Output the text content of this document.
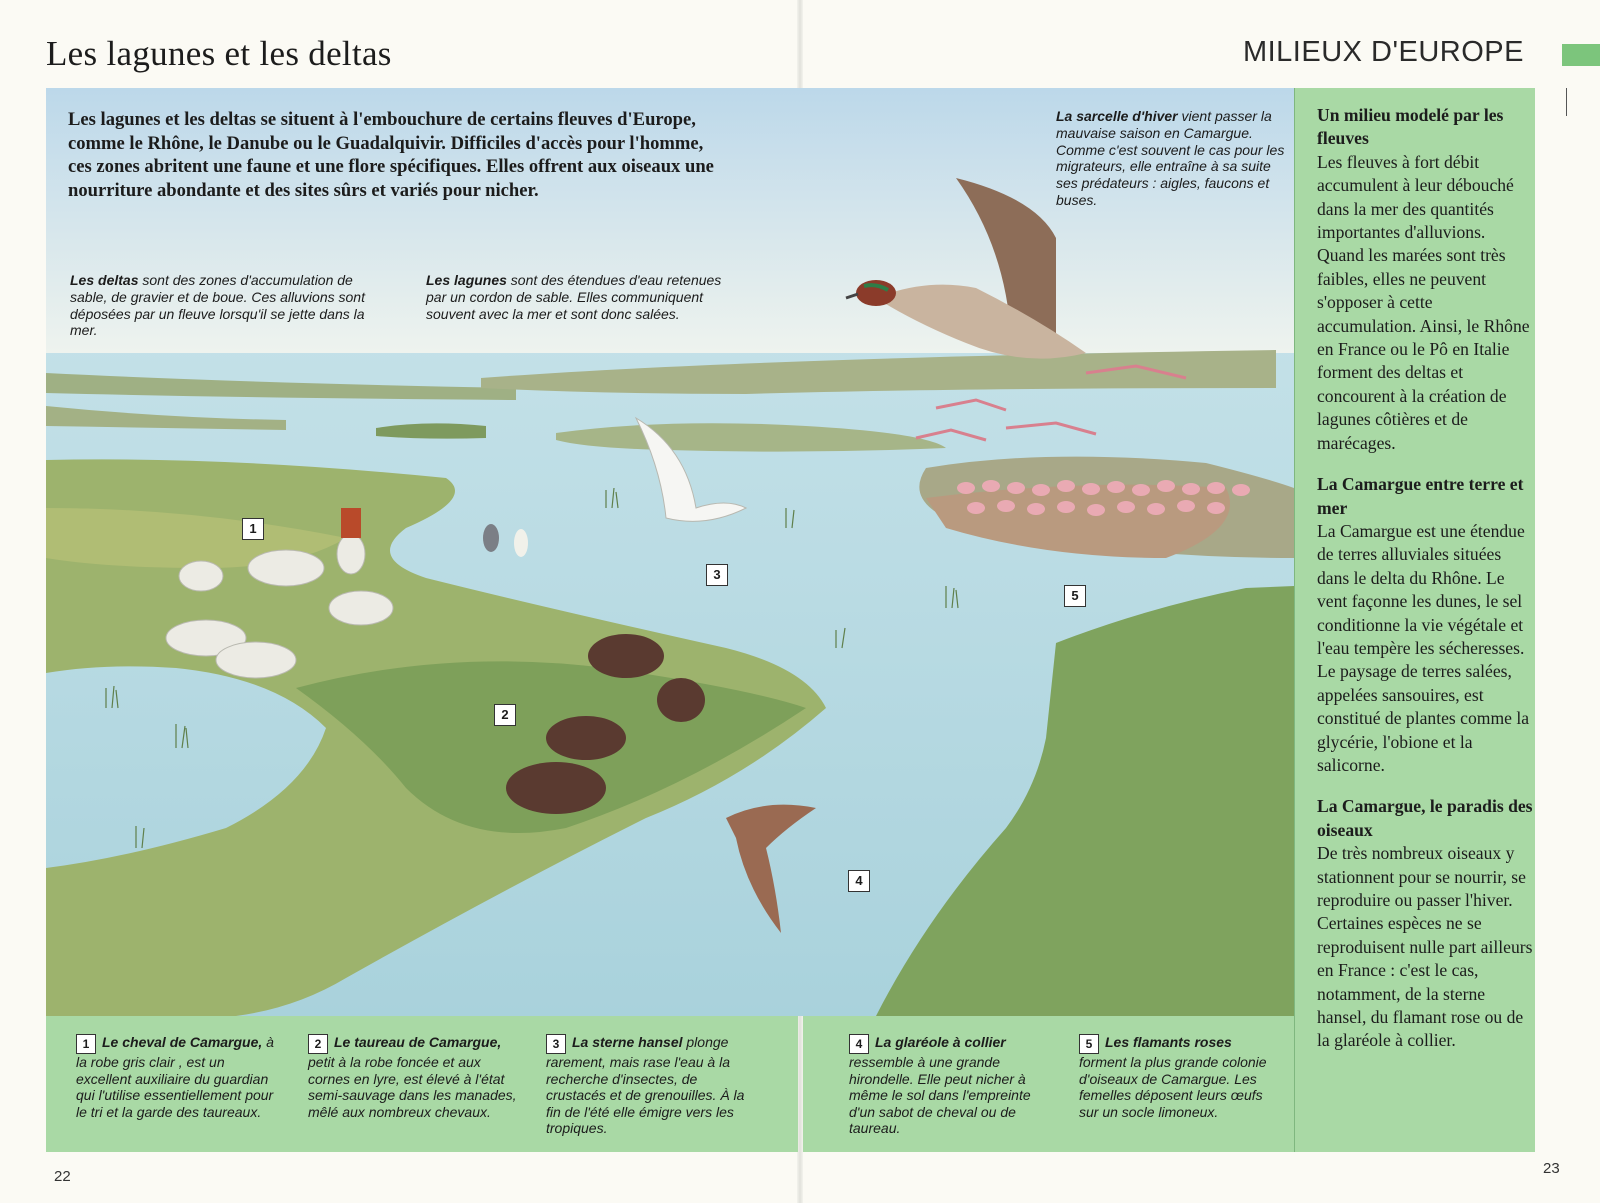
Les lagunes et les deltas	MILIEUX D'EUROPE
Les lagunes et les deltas se situent à l'embouchure de certains fleuves d'Europe, comme le Rhône, le Danube ou le Guadalquivir. Difficiles d'accès pour l'homme, ces zones abritent une faune et une flore spécifiques. Elles offrent aux oiseaux une nourriture abondante et des sites sûrs et variés pour nicher.
Les deltas sont des zones d'accumulation de sable, de gravier et de boue. Ces alluvions sont déposées par un fleuve lorsqu'il se jette dans la mer.
Les lagunes sont des étendues d'eau retenues par un cordon de sable. Elles communiquent souvent avec la mer et sont donc salées.
La sarcelle d'hiver vient passer la mauvaise saison en Camargue. Comme c'est souvent le cas pour les migrateurs, elle entraîne à sa suite ses prédateurs : aigles, faucons et buses.
1
2
3
4
5
Un milieu modelé par les fleuves
Les fleuves à fort débit accumulent à leur débouché dans la mer des quantités importantes d'alluvions. Quand les marées sont très faibles, elles ne peuvent s'opposer à cette accumulation. Ainsi, le Rhône en France ou le Pô en Italie forment des deltas et concourent à la création de lagunes côtières et de marécages.
La Camargue entre terre et mer
La Camargue est une étendue de terres alluviales situées dans le delta du Rhône. Le vent façonne les dunes, le sel conditionne la vie végétale et l'eau tempère les sécheresses. Le paysage de terres salées, appelées sansouires, est constitué de plantes comme la glycérie, l'obione et la salicorne.
La Camargue, le paradis des oiseaux
De très nombreux oiseaux y stationnent pour se nourrir, se reproduire ou passer l'hiver. Certaines espèces ne se reproduisent nulle part ailleurs en France : c'est le cas, notamment, de la sterne hansel, du flamant rose ou de la glaréole à collier.
1 Le cheval de Camargue, à la robe gris clair , est un excellent auxiliaire du guardian qui l'utilise essentiellement pour le tri et la garde des taureaux.
2 Le taureau de Camargue, petit à la robe foncée et aux cornes en lyre, est élevé à l'état semi-sauvage dans les manades, mêlé aux nombreux chevaux.
3 La sterne hansel plonge rarement, mais rase l'eau à la recherche d'insectes, de crustacés et de grenouilles. À la fin de l'été elle émigre vers les tropiques.
4 La glaréole à collier ressemble à une grande hirondelle. Elle peut nicher à même le sol dans l'empreinte d'un sabot de cheval ou de taureau.
5 Les flamants roses forment la plus grande colonie d'oiseaux de Camargue. Les femelles déposent leurs œufs sur un socle limoneux.
22	23
